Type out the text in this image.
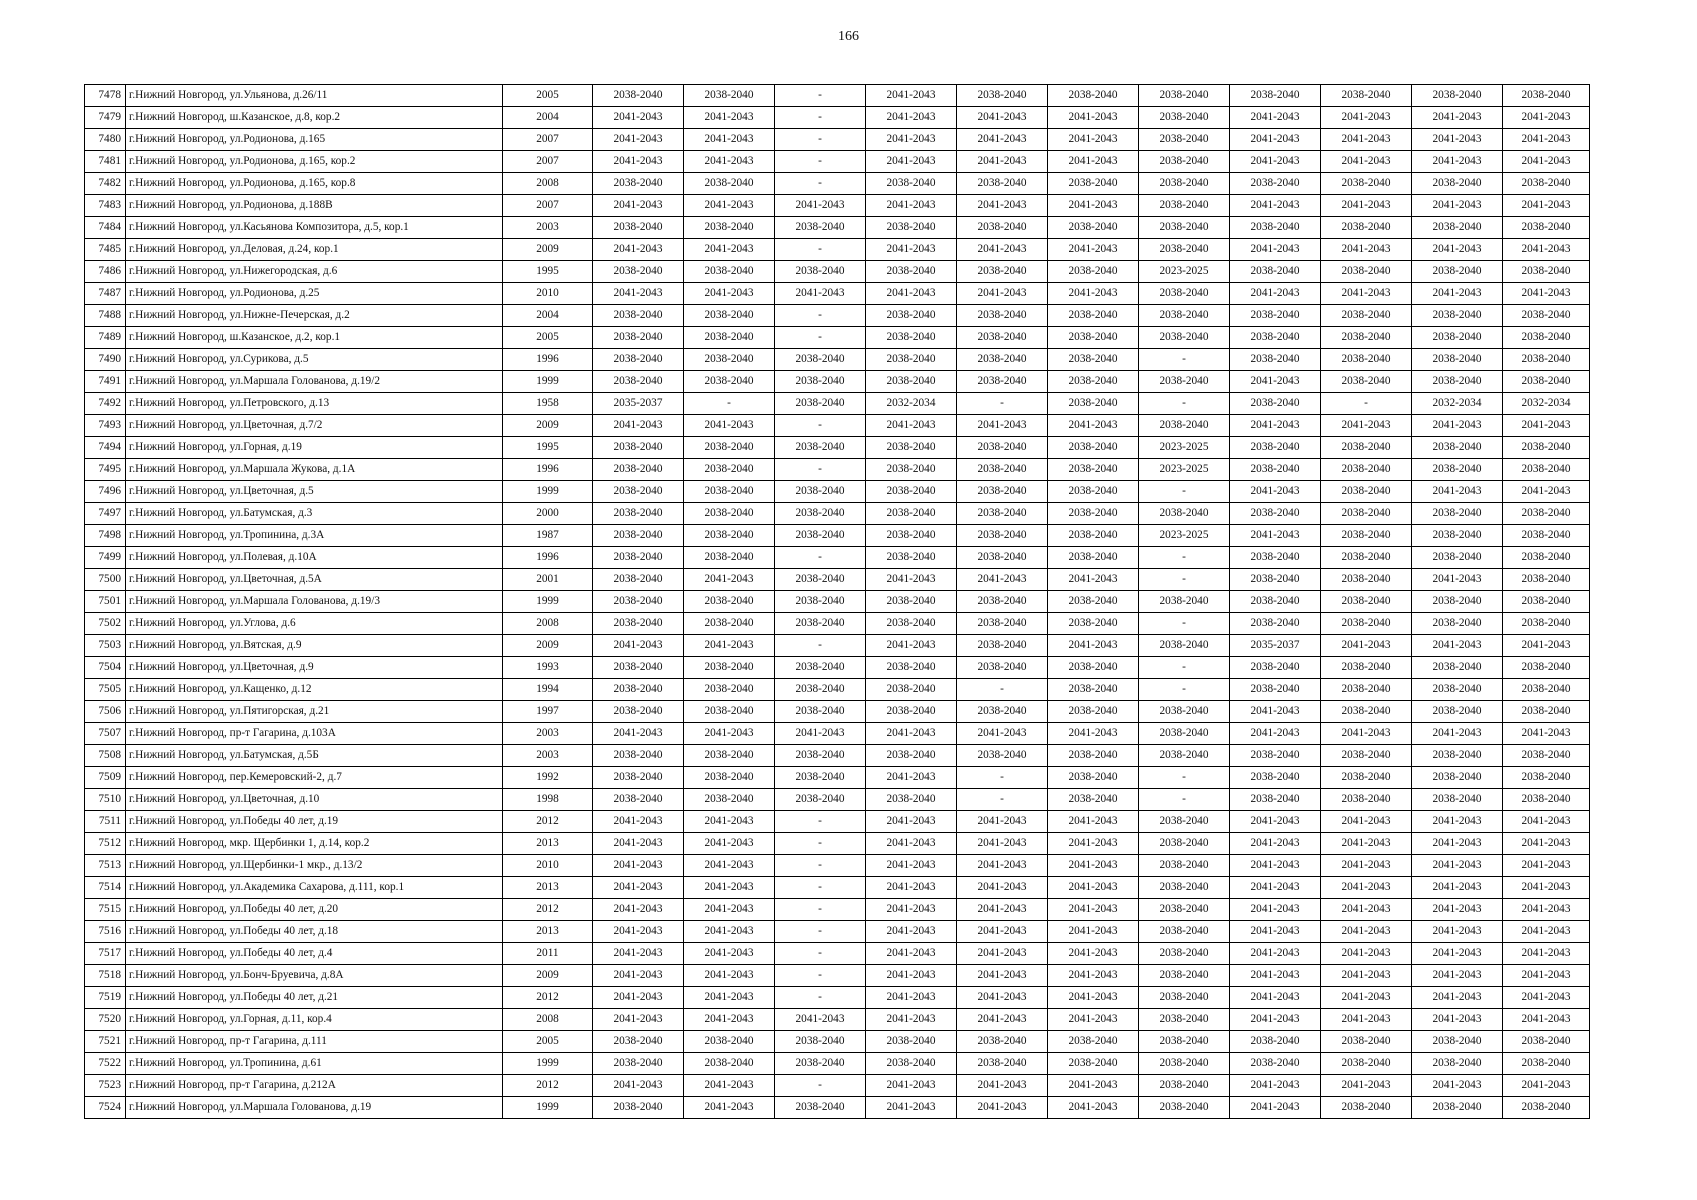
166
7478	г.Нижний Новгород, ул.Ульянова, д.26/11	2005	2038-2040	2038-2040	-	2041-2043	2038-2040	2038-2040	2038-2040	2038-2040	2038-2040	2038-2040	2038-2040
7479	г.Нижний Новгород, ш.Казанское, д.8, кор.2	2004	2041-2043	2041-2043	-	2041-2043	2041-2043	2041-2043	2038-2040	2041-2043	2041-2043	2041-2043	2041-2043
7480	г.Нижний Новгород, ул.Родионова, д.165	2007	2041-2043	2041-2043	-	2041-2043	2041-2043	2041-2043	2038-2040	2041-2043	2041-2043	2041-2043	2041-2043
7481	г.Нижний Новгород, ул.Родионова, д.165, кор.2	2007	2041-2043	2041-2043	-	2041-2043	2041-2043	2041-2043	2038-2040	2041-2043	2041-2043	2041-2043	2041-2043
7482	г.Нижний Новгород, ул.Родионова, д.165, кор.8	2008	2038-2040	2038-2040	-	2038-2040	2038-2040	2038-2040	2038-2040	2038-2040	2038-2040	2038-2040	2038-2040
7483	г.Нижний Новгород, ул.Родионова, д.188В	2007	2041-2043	2041-2043	2041-2043	2041-2043	2041-2043	2041-2043	2038-2040	2041-2043	2041-2043	2041-2043	2041-2043
7484	г.Нижний Новгород, ул.Касьянова Композитора, д.5, кор.1	2003	2038-2040	2038-2040	2038-2040	2038-2040	2038-2040	2038-2040	2038-2040	2038-2040	2038-2040	2038-2040	2038-2040
7485	г.Нижний Новгород, ул.Деловая, д.24, кор.1	2009	2041-2043	2041-2043	-	2041-2043	2041-2043	2041-2043	2038-2040	2041-2043	2041-2043	2041-2043	2041-2043
7486	г.Нижний Новгород, ул.Нижегородская, д.6	1995	2038-2040	2038-2040	2038-2040	2038-2040	2038-2040	2038-2040	2023-2025	2038-2040	2038-2040	2038-2040	2038-2040
7487	г.Нижний Новгород, ул.Родионова, д.25	2010	2041-2043	2041-2043	2041-2043	2041-2043	2041-2043	2041-2043	2038-2040	2041-2043	2041-2043	2041-2043	2041-2043
7488	г.Нижний Новгород, ул.Нижне-Печерская, д.2	2004	2038-2040	2038-2040	-	2038-2040	2038-2040	2038-2040	2038-2040	2038-2040	2038-2040	2038-2040	2038-2040
7489	г.Нижний Новгород, ш.Казанское, д.2, кор.1	2005	2038-2040	2038-2040	-	2038-2040	2038-2040	2038-2040	2038-2040	2038-2040	2038-2040	2038-2040	2038-2040
7490	г.Нижний Новгород, ул.Сурикова, д.5	1996	2038-2040	2038-2040	2038-2040	2038-2040	2038-2040	2038-2040	-	2038-2040	2038-2040	2038-2040	2038-2040
7491	г.Нижний Новгород, ул.Маршала Голованова, д.19/2	1999	2038-2040	2038-2040	2038-2040	2038-2040	2038-2040	2038-2040	2038-2040	2041-2043	2038-2040	2038-2040	2038-2040
7492	г.Нижний Новгород, ул.Петровского, д.13	1958	2035-2037	-	2038-2040	2032-2034	-	2038-2040	-	2038-2040	-	2032-2034	2032-2034
7493	г.Нижний Новгород, ул.Цветочная, д.7/2	2009	2041-2043	2041-2043	-	2041-2043	2041-2043	2041-2043	2038-2040	2041-2043	2041-2043	2041-2043	2041-2043
7494	г.Нижний Новгород, ул.Горная, д.19	1995	2038-2040	2038-2040	2038-2040	2038-2040	2038-2040	2038-2040	2023-2025	2038-2040	2038-2040	2038-2040	2038-2040
7495	г.Нижний Новгород, ул.Маршала Жукова, д.1А	1996	2038-2040	2038-2040	-	2038-2040	2038-2040	2038-2040	2023-2025	2038-2040	2038-2040	2038-2040	2038-2040
7496	г.Нижний Новгород, ул.Цветочная, д.5	1999	2038-2040	2038-2040	2038-2040	2038-2040	2038-2040	2038-2040	-	2041-2043	2038-2040	2041-2043	2041-2043
7497	г.Нижний Новгород, ул.Батумская, д.3	2000	2038-2040	2038-2040	2038-2040	2038-2040	2038-2040	2038-2040	2038-2040	2038-2040	2038-2040	2038-2040	2038-2040
7498	г.Нижний Новгород, ул.Тропинина, д.3А	1987	2038-2040	2038-2040	2038-2040	2038-2040	2038-2040	2038-2040	2023-2025	2041-2043	2038-2040	2038-2040	2038-2040
7499	г.Нижний Новгород, ул.Полевая, д.10А	1996	2038-2040	2038-2040	-	2038-2040	2038-2040	2038-2040	-	2038-2040	2038-2040	2038-2040	2038-2040
7500	г.Нижний Новгород, ул.Цветочная, д.5А	2001	2038-2040	2041-2043	2038-2040	2041-2043	2041-2043	2041-2043	-	2038-2040	2038-2040	2041-2043	2038-2040
7501	г.Нижний Новгород, ул.Маршала Голованова, д.19/3	1999	2038-2040	2038-2040	2038-2040	2038-2040	2038-2040	2038-2040	2038-2040	2038-2040	2038-2040	2038-2040	2038-2040
7502	г.Нижний Новгород, ул.Углова, д.6	2008	2038-2040	2038-2040	2038-2040	2038-2040	2038-2040	2038-2040	-	2038-2040	2038-2040	2038-2040	2038-2040
7503	г.Нижний Новгород, ул.Вятская, д.9	2009	2041-2043	2041-2043	-	2041-2043	2038-2040	2041-2043	2038-2040	2035-2037	2041-2043	2041-2043	2041-2043
7504	г.Нижний Новгород, ул.Цветочная, д.9	1993	2038-2040	2038-2040	2038-2040	2038-2040	2038-2040	2038-2040	-	2038-2040	2038-2040	2038-2040	2038-2040
7505	г.Нижний Новгород, ул.Кащенко, д.12	1994	2038-2040	2038-2040	2038-2040	2038-2040	-	2038-2040	-	2038-2040	2038-2040	2038-2040	2038-2040
7506	г.Нижний Новгород, ул.Пятигорская, д.21	1997	2038-2040	2038-2040	2038-2040	2038-2040	2038-2040	2038-2040	2038-2040	2041-2043	2038-2040	2038-2040	2038-2040
7507	г.Нижний Новгород, пр-т Гагарина, д.103А	2003	2041-2043	2041-2043	2041-2043	2041-2043	2041-2043	2041-2043	2038-2040	2041-2043	2041-2043	2041-2043	2041-2043
7508	г.Нижний Новгород, ул.Батумская, д.5Б	2003	2038-2040	2038-2040	2038-2040	2038-2040	2038-2040	2038-2040	2038-2040	2038-2040	2038-2040	2038-2040	2038-2040
7509	г.Нижний Новгород, пер.Кемеровский-2, д.7	1992	2038-2040	2038-2040	2038-2040	2041-2043	-	2038-2040	-	2038-2040	2038-2040	2038-2040	2038-2040
7510	г.Нижний Новгород, ул.Цветочная, д.10	1998	2038-2040	2038-2040	2038-2040	2038-2040	-	2038-2040	-	2038-2040	2038-2040	2038-2040	2038-2040
7511	г.Нижний Новгород, ул.Победы 40 лет, д.19	2012	2041-2043	2041-2043	-	2041-2043	2041-2043	2041-2043	2038-2040	2041-2043	2041-2043	2041-2043	2041-2043
7512	г.Нижний Новгород, мкр. Щербинки 1, д.14, кор.2	2013	2041-2043	2041-2043	-	2041-2043	2041-2043	2041-2043	2038-2040	2041-2043	2041-2043	2041-2043	2041-2043
7513	г.Нижний Новгород, ул.Щербинки-1 мкр., д.13/2	2010	2041-2043	2041-2043	-	2041-2043	2041-2043	2041-2043	2038-2040	2041-2043	2041-2043	2041-2043	2041-2043
7514	г.Нижний Новгород, ул.Академика Сахарова, д.111, кор.1	2013	2041-2043	2041-2043	-	2041-2043	2041-2043	2041-2043	2038-2040	2041-2043	2041-2043	2041-2043	2041-2043
7515	г.Нижний Новгород, ул.Победы 40 лет, д.20	2012	2041-2043	2041-2043	-	2041-2043	2041-2043	2041-2043	2038-2040	2041-2043	2041-2043	2041-2043	2041-2043
7516	г.Нижний Новгород, ул.Победы 40 лет, д.18	2013	2041-2043	2041-2043	-	2041-2043	2041-2043	2041-2043	2038-2040	2041-2043	2041-2043	2041-2043	2041-2043
7517	г.Нижний Новгород, ул.Победы 40 лет, д.4	2011	2041-2043	2041-2043	-	2041-2043	2041-2043	2041-2043	2038-2040	2041-2043	2041-2043	2041-2043	2041-2043
7518	г.Нижний Новгород, ул.Бонч-Бруевича, д.8А	2009	2041-2043	2041-2043	-	2041-2043	2041-2043	2041-2043	2038-2040	2041-2043	2041-2043	2041-2043	2041-2043
7519	г.Нижний Новгород, ул.Победы 40 лет, д.21	2012	2041-2043	2041-2043	-	2041-2043	2041-2043	2041-2043	2038-2040	2041-2043	2041-2043	2041-2043	2041-2043
7520	г.Нижний Новгород, ул.Горная, д.11, кор.4	2008	2041-2043	2041-2043	2041-2043	2041-2043	2041-2043	2041-2043	2038-2040	2041-2043	2041-2043	2041-2043	2041-2043
7521	г.Нижний Новгород, пр-т Гагарина, д.111	2005	2038-2040	2038-2040	2038-2040	2038-2040	2038-2040	2038-2040	2038-2040	2038-2040	2038-2040	2038-2040	2038-2040
7522	г.Нижний Новгород, ул.Тропинина, д.61	1999	2038-2040	2038-2040	2038-2040	2038-2040	2038-2040	2038-2040	2038-2040	2038-2040	2038-2040	2038-2040	2038-2040
7523	г.Нижний Новгород, пр-т Гагарина, д.212А	2012	2041-2043	2041-2043	-	2041-2043	2041-2043	2041-2043	2038-2040	2041-2043	2041-2043	2041-2043	2041-2043
7524	г.Нижний Новгород, ул.Маршала Голованова, д.19	1999	2038-2040	2041-2043	2038-2040	2041-2043	2041-2043	2041-2043	2038-2040	2041-2043	2038-2040	2038-2040	2038-2040
